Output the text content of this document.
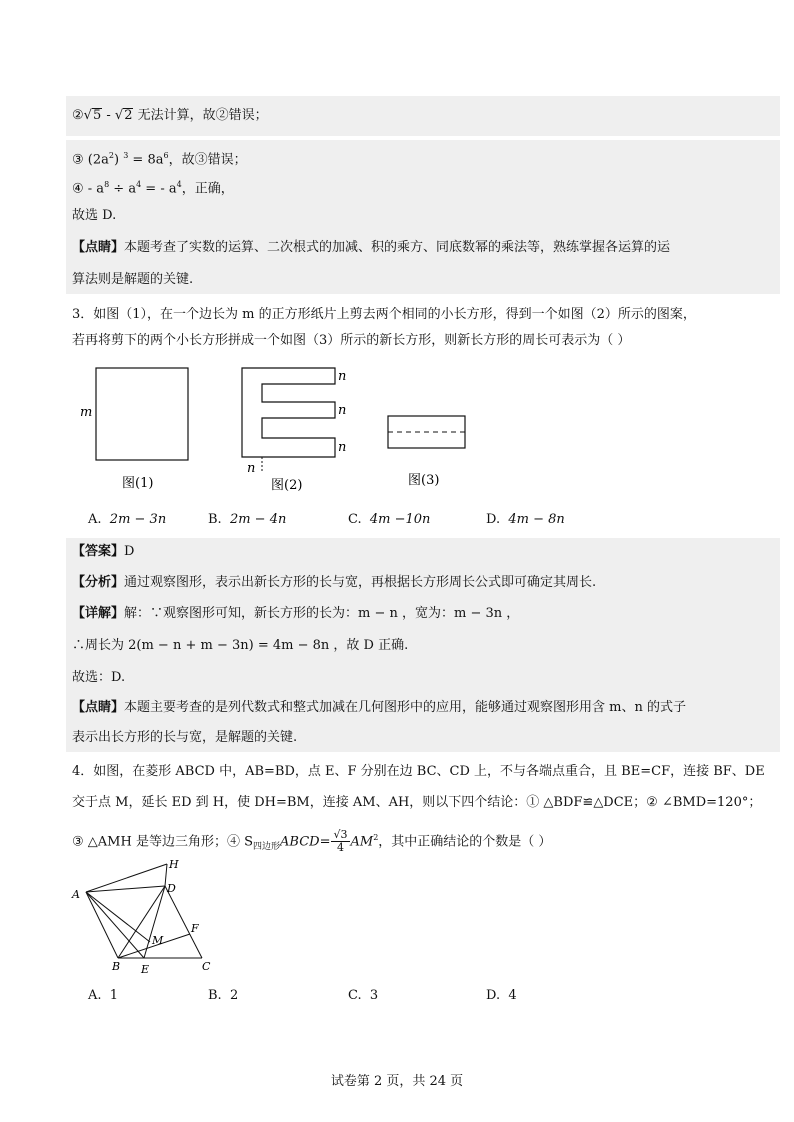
②√5 - √2 无法计算，故②错误；
③ $(2a^2) ^3 = 8a^6$，故③错误；
④ - $a^8 \div a^4$ = - $a^4$，正确，
故选 D.
【点睛】本题考查了实数的运算、二次根式的加减、积的乘方、同底数幂的乘法等，熟练掌握各运算的运
算法则是解题的关键.
3．如图（1），在一个边长为 m 的正方形纸片上剪去两个相同的小长方形，得到一个如图（2）所示的图案，
若再将剪下的两个小长方形拼成一个如图（3）所示的新长方形，则新长方形的周长可表示为（ ）
m
图(1)
n
n
n
n
图(2)	图(3)
A. 2m − 3n	B. 2m − 4n	C. 4m −10n	D. 4m − 8n
【答案】D
【分析】通过观察图形，表示出新长方形的长与宽，再根据长方形周长公式即可确定其周长.
【详解】解：∵观察图形可知，新长方形的长为：m − n ，宽为：m − 3n ，
∴周长为 2(m − n + m − 3n) = 4m − 8n ，故 D 正确.
故选：D.
【点睛】本题主要考查的是列代数式和整式加减在几何图形中的应用，能够通过观察图形用含 m、n 的式子
表示出长方形的长与宽，是解题的关键.
4．如图，在菱形 ABCD 中，AB=BD，点 E、F 分别在边 BC、CD 上，不与各端点重合，且 BE=CF，连接 BF、DE
交于点 M，延长 ED 到 H，使 DH=BM，连接 AM、AH，则以下四个结论：① △BDF≌△DCE；② ∠BMD=120°；
③ △AMH 是等边三角形；④ $S_{四边形}ABCD= \frac{√3}{4} AM^2$，其中正确结论的个数是（ ）
A
H
D
M
F
B E	C
A. 1	B. 2	C. 3	D. 4
试卷第 2 页，共 24 页
